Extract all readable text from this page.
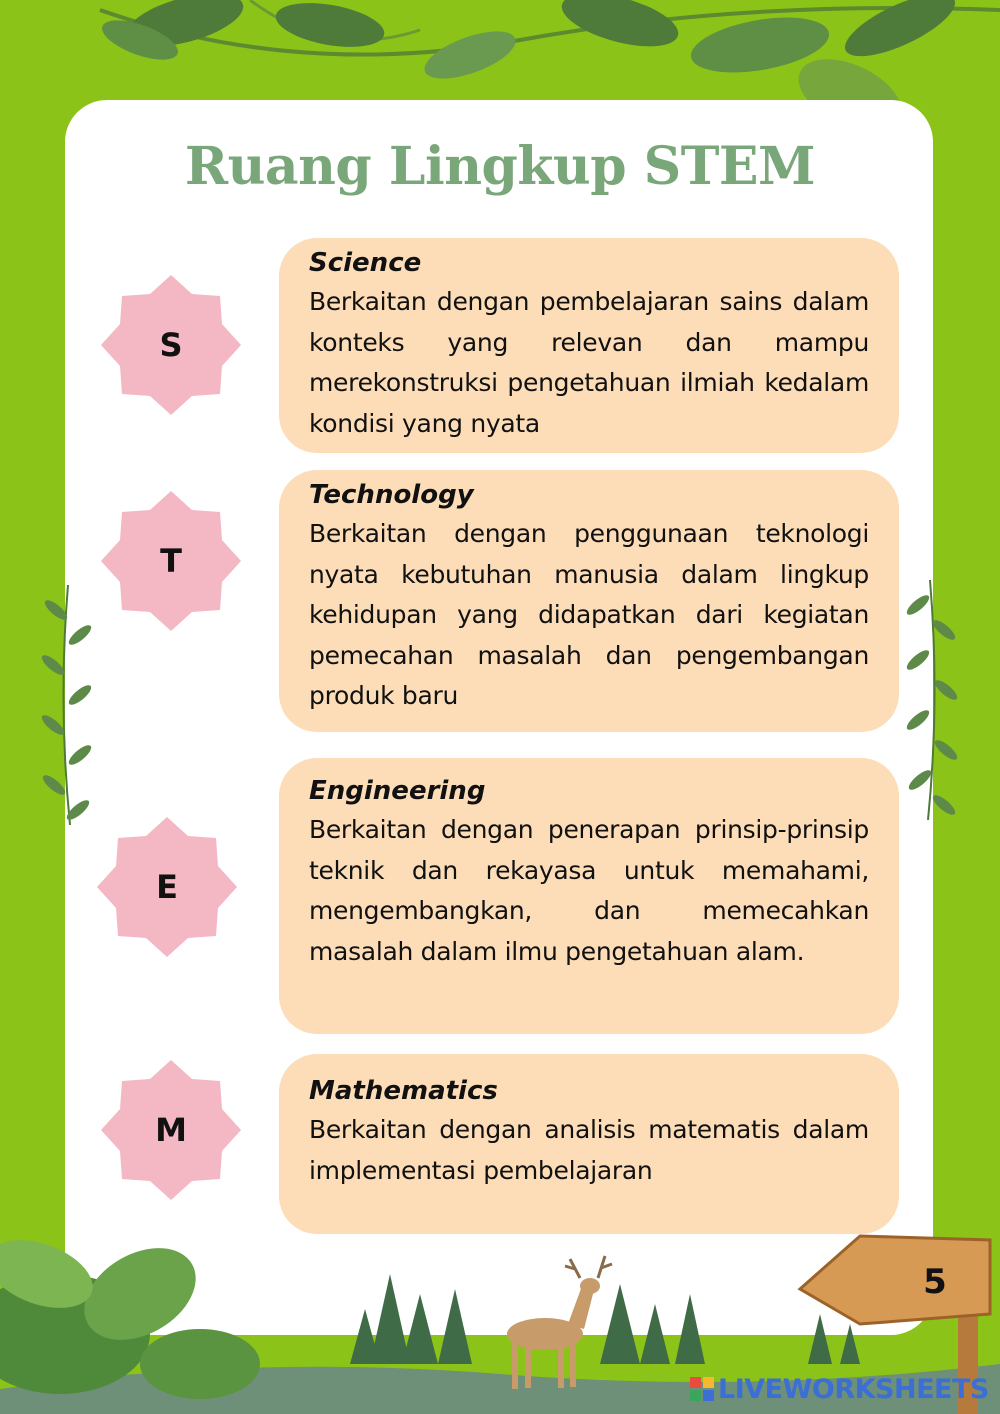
Ruang Lingkup STEM
S
T
E
M
Science
Berkaitan dengan pembelajaran sains dalam konteks yang relevan dan mampu merekonstruksi pengetahuan ilmiah kedalam kondisi yang nyata
Technology
Berkaitan dengan penggunaan teknologi nyata kebutuhan manusia dalam lingkup kehidupan yang didapatkan dari kegiatan pemecahan masalah dan pengembangan produk baru
Engineering
Berkaitan dengan penerapan prinsip-prinsip teknik dan rekayasa untuk memahami, mengembangkan, dan memecahkan masalah dalam ilmu pengetahuan alam.
Mathematics
Berkaitan dengan analisis matematis dalam implementasi pembelajaran
5
LIVEWORKSHEETS
